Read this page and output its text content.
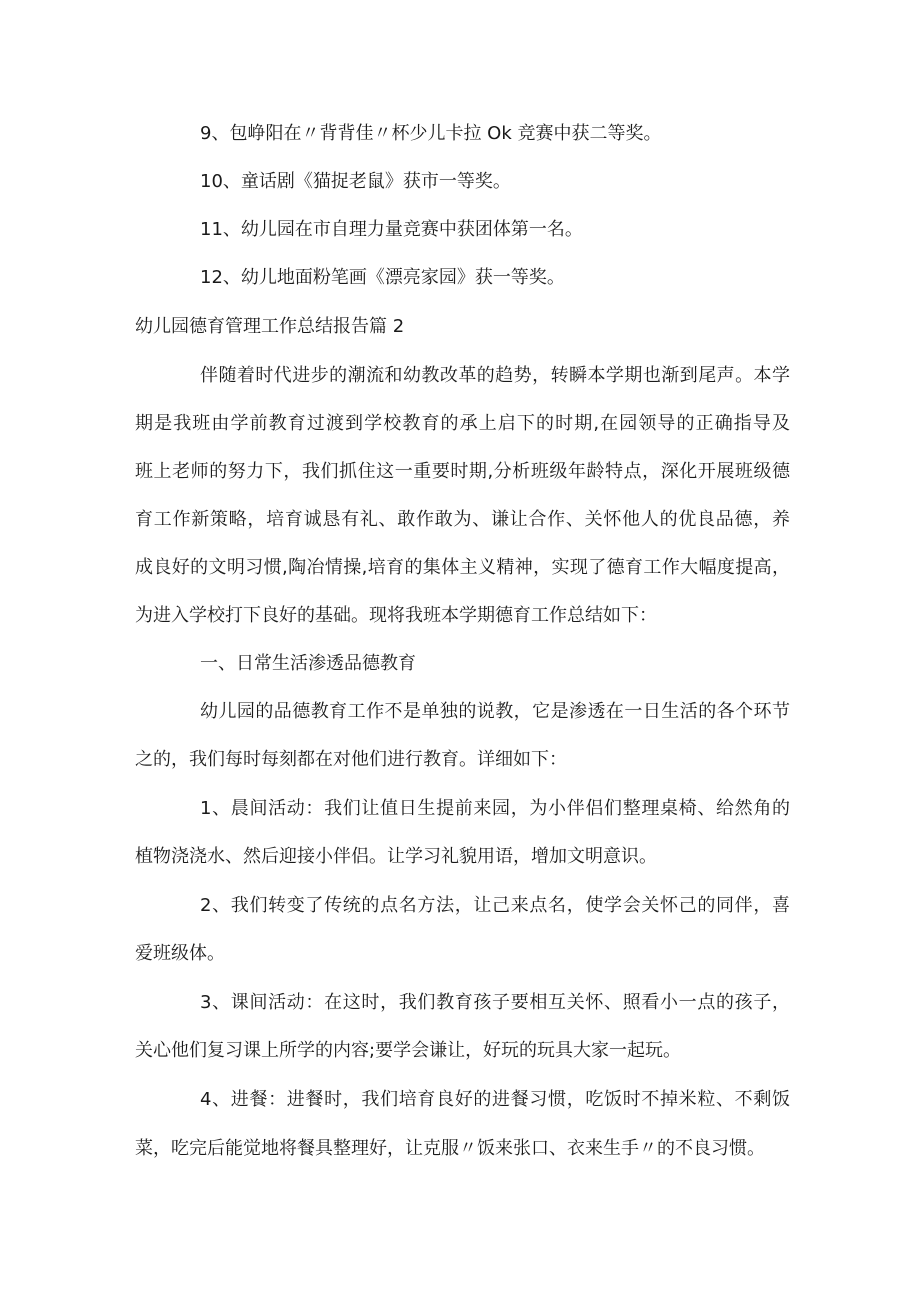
9、包峥阳在〃背背佳〃杯少儿卡拉 Ok 竞赛中获二等奖。
10、童话剧《猫捉老鼠》获市一等奖。
11、幼儿园在市自理力量竞赛中获团体第一名。
12、幼儿地面粉笔画《漂亮家园》获一等奖。
幼儿园德育管理工作总结报告篇 2
伴随着时代进步的潮流和幼教改革的趋势，转瞬本学期也渐到尾声。本学
期是我班由学前教育过渡到学校教育的承上启下的时期,在园领导的正确指导及
班上老师的努力下，我们抓住这一重要时期,分析班级年龄特点，深化开展班级德
育工作新策略，培育诚恳有礼、敢作敢为、谦让合作、关怀他人的优良品德，养
成良好的文明习惯,陶冶情操,培育的集体主义精神，实现了德育工作大幅度提高，
为进入学校打下良好的基础。现将我班本学期德育工作总结如下：
一、日常生活渗透品德教育
幼儿园的品德教育工作不是单独的说教，它是渗透在一日生活的各个环节
之的，我们每时每刻都在对他们进行教育。详细如下：
1、晨间活动：我们让值日生提前来园，为小伴侣们整理桌椅、给然角的
植物浇浇水、然后迎接小伴侣。让学习礼貌用语，增加文明意识。
2、我们转变了传统的点名方法，让己来点名，使学会关怀己的同伴，喜
爱班级体。
3、课间活动：在这时，我们教育孩子要相互关怀、照看小一点的孩子，
关心他们复习课上所学的内容;要学会谦让，好玩的玩具大家一起玩。
4、进餐：进餐时，我们培育良好的进餐习惯，吃饭时不掉米粒、不剩饭
菜，吃完后能觉地将餐具整理好，让克服〃饭来张口、衣来生手〃的不良习惯。
